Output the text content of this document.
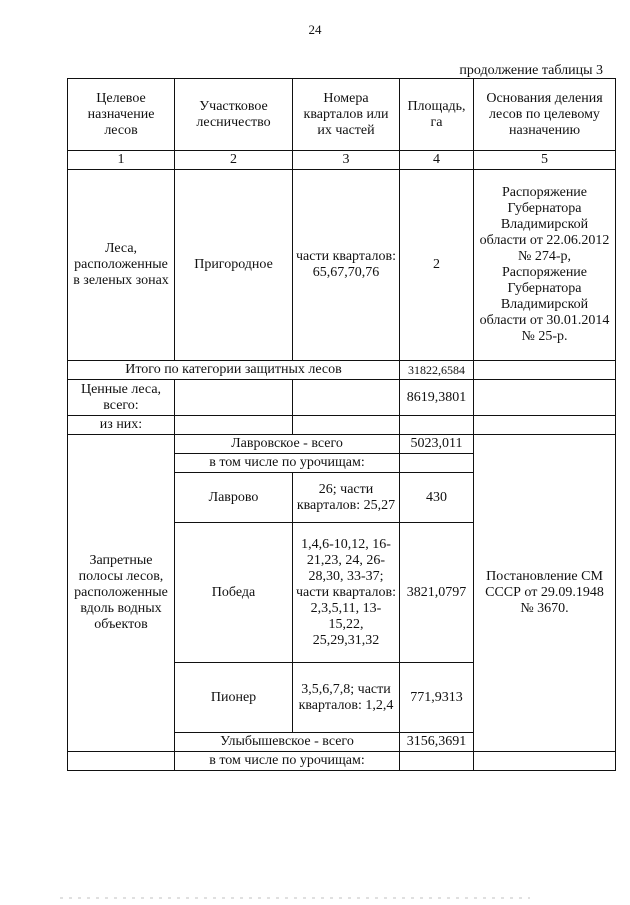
24
продолжение таблицы 3
Целевое назначение лесов	Участковое лесничество	Номера кварталов или их частей	Площадь, га	Основания деления лесов по целевому назначению
1	2	3	4	5
Леса, расположенные в зеленых зонах	Пригородное	части кварталов: 65,67,70,76	2	Распоряжение Губернатора Владимирской области от 22.06.2012 № 274-р, Распоряжение Губернатора Владимирской области от 30.01.2014 № 25-р.
Итого по категории защитных лесов			31822,6584	
Ценные леса, всего:			8619,3801	
из них:				
Запретные полосы лесов, расположенные вдоль водных объектов	Лавровское - всего		5023,011	Постановление СМ СССР от 29.09.1948 № 3670.
	в том числе по урочищам:			
	Лаврово	26; части кварталов: 25,27	430	
	Победа	1,4,6-10,12, 16-21,23, 24, 26-28,30, 33-37; части кварталов: 2,3,5,11, 13-15,22, 25,29,31,32	3821,0797	
	Пионер	3,5,6,7,8; части кварталов: 1,2,4	771,9313	
	Улыбышевское - всего		3156,3691	
	в том числе по урочищам:			
